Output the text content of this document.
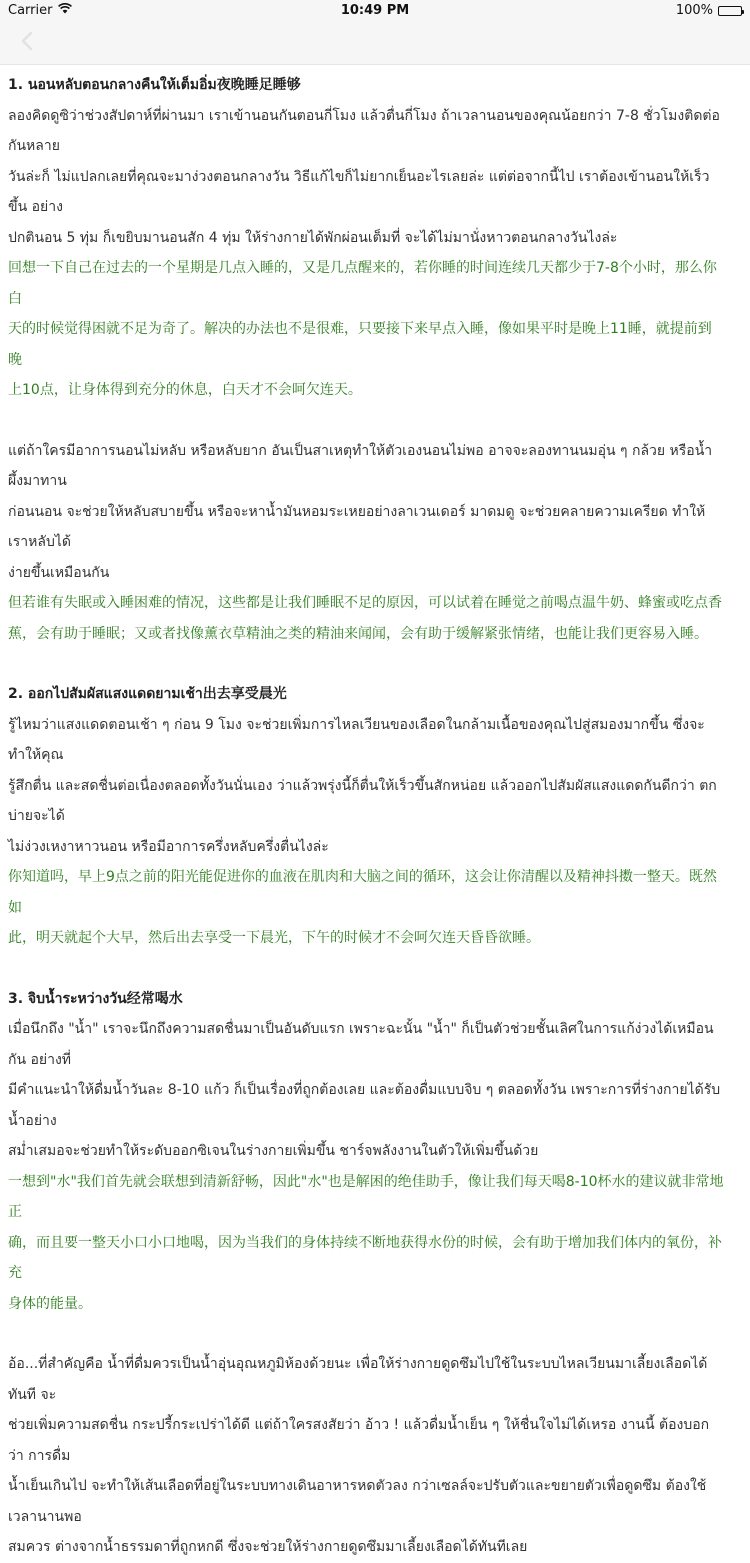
Carrier	10:49 PM	100%

1. นอนหลับตอนกลางคืนให้เต็มอิ่ม夜晚睡足睡够

ลองคิดดูซิว่าช่วงสัปดาห์ที่ผ่านมา เราเข้านอนกันตอนกี่โมง แล้วตื่นกี่โมง ถ้าเวลานอนของคุณน้อยกว่า 7-8 ชั่วโมงติดต่อกันหลาย
วันล่ะก็ ไม่แปลกเลยที่คุณจะมาง่วงตอนกลางวัน วิธีแก้ไขก็ไม่ยากเย็นอะไรเลยล่ะ แต่ต่อจากนี้ไป เราต้องเข้านอนให้เร็วขึ้น อย่าง
ปกตินอน 5 ทุ่ม ก็เขยิบมานอนสัก 4 ทุ่ม ให้ร่างกายได้พักผ่อนเต็มที่ จะได้ไม่มานั่งหาวตอนกลางวันไงล่ะ

回想一下自己在过去的一个星期是几点入睡的，又是几点醒来的，若你睡的时间连续几天都少于7-8个小时，那么你白
天的时候觉得困就不足为奇了。解决的办法也不是很难，只要接下来早点入睡，像如果平时是晚上11睡，就提前到晚
上10点，让身体得到充分的休息，白天才不会呵欠连天。

แต่ถ้าใครมีอาการนอนไม่หลับ หรือหลับยาก อันเป็นสาเหตุทำให้ตัวเองนอนไม่พอ อาจจะลองทานนมอุ่น ๆ กล้วย หรือน้ำผึ้งมาทาน
ก่อนนอน จะช่วยให้หลับสบายขึ้น หรือจะหาน้ำมันหอมระเหยอย่างลาเวนเดอร์ มาดมดู จะช่วยคลายความเครียด ทำให้เราหลับได้
ง่ายขึ้นเหมือนกัน

但若谁有失眠或入睡困难的情况，这些都是让我们睡眠不足的原因，可以试着在睡觉之前喝点温牛奶、蜂蜜或吃点香
蕉，会有助于睡眠；又或者找像薰衣草精油之类的精油来闻闻，会有助于缓解紧张情绪，也能让我们更容易入睡。

2. ออกไปสัมผัสแสงแดดยามเช้า出去享受晨光

รู้ไหมว่าแสงแดดตอนเช้า ๆ ก่อน 9 โมง จะช่วยเพิ่มการไหลเวียนของเลือดในกล้ามเนื้อของคุณไปสู่สมองมากขึ้น ซึ่งจะทำให้คุณ
รู้สึกตื่น และสดชื่นต่อเนื่องตลอดทั้งวันนั่นเอง ว่าแล้วพรุ่งนี้ก็ตื่นให้เร็วขึ้นสักหน่อย แล้วออกไปสัมผัสแสงแดดกันดีกว่า ตกบ่ายจะได้
ไม่ง่วงเหงาหาวนอน หรือมีอาการครึ่งหลับครึ่งตื่นไงล่ะ

你知道吗，早上9点之前的阳光能促进你的血液在肌肉和大脑之间的循环，这会让你清醒以及精神抖擞一整天。既然如
此，明天就起个大早，然后出去享受一下晨光，下午的时候才不会呵欠连天昏昏欲睡。

3. จิบน้ำระหว่างวัน经常喝水

เมื่อนึกถึง "น้ำ" เราจะนึกถึงความสดชื่นมาเป็นอันดับแรก เพราะฉะนั้น "น้ำ" ก็เป็นตัวช่วยชั้นเลิศในการแก้ง่วงได้เหมือนกัน อย่างที่
มีคำแนะนำให้ดื่มน้ำวันละ 8-10 แก้ว ก็เป็นเรื่องที่ถูกต้องเลย และต้องดื่มแบบจิบ ๆ ตลอดทั้งวัน เพราะการที่ร่างกายได้รับน้ำอย่าง
สม่ำเสมอจะช่วยทำให้ระดับออกซิเจนในร่างกายเพิ่มขึ้น ชาร์จพลังงานในตัวให้เพิ่มขึ้นด้วย

一想到"水"我们首先就会联想到清新舒畅，因此"水"也是解困的绝佳助手，像让我们每天喝8-10杯水的建议就非常地正
确，而且要一整天小口小口地喝，因为当我们的身体持续不断地获得水份的时候，会有助于增加我们体内的氧份，补充
身体的能量。

อ้อ...ที่สำคัญคือ น้ำที่ดื่มควรเป็นน้ำอุ่นอุณหภูมิห้องด้วยนะ เพื่อให้ร่างกายดูดซึมไปใช้ในระบบไหลเวียนมาเลี้ยงเลือดได้ทันที จะ
ช่วยเพิ่มความสดชื่น กระปรี้กระเปร่าได้ดี แต่ถ้าใครสงสัยว่า อ้าว ! แล้วดื่มน้ำเย็น ๆ ให้ชื่นใจไม่ได้เหรอ งานนี้ ต้องบอกว่า การดื่ม
น้ำเย็นเกินไป จะทำให้เส้นเลือดที่อยู่ในระบบทางเดินอาหารหดตัวลง กว่าเซลล์จะปรับตัวและขยายตัวเพื่อดูดซึม ต้องใช้เวลานานพอ
สมควร ต่างจากน้ำธรรมดาที่ถูกหกดี ซึ่งจะช่วยให้ร่างกายดูดซึมมาเลี้ยงเลือดได้ทันทีเลย
